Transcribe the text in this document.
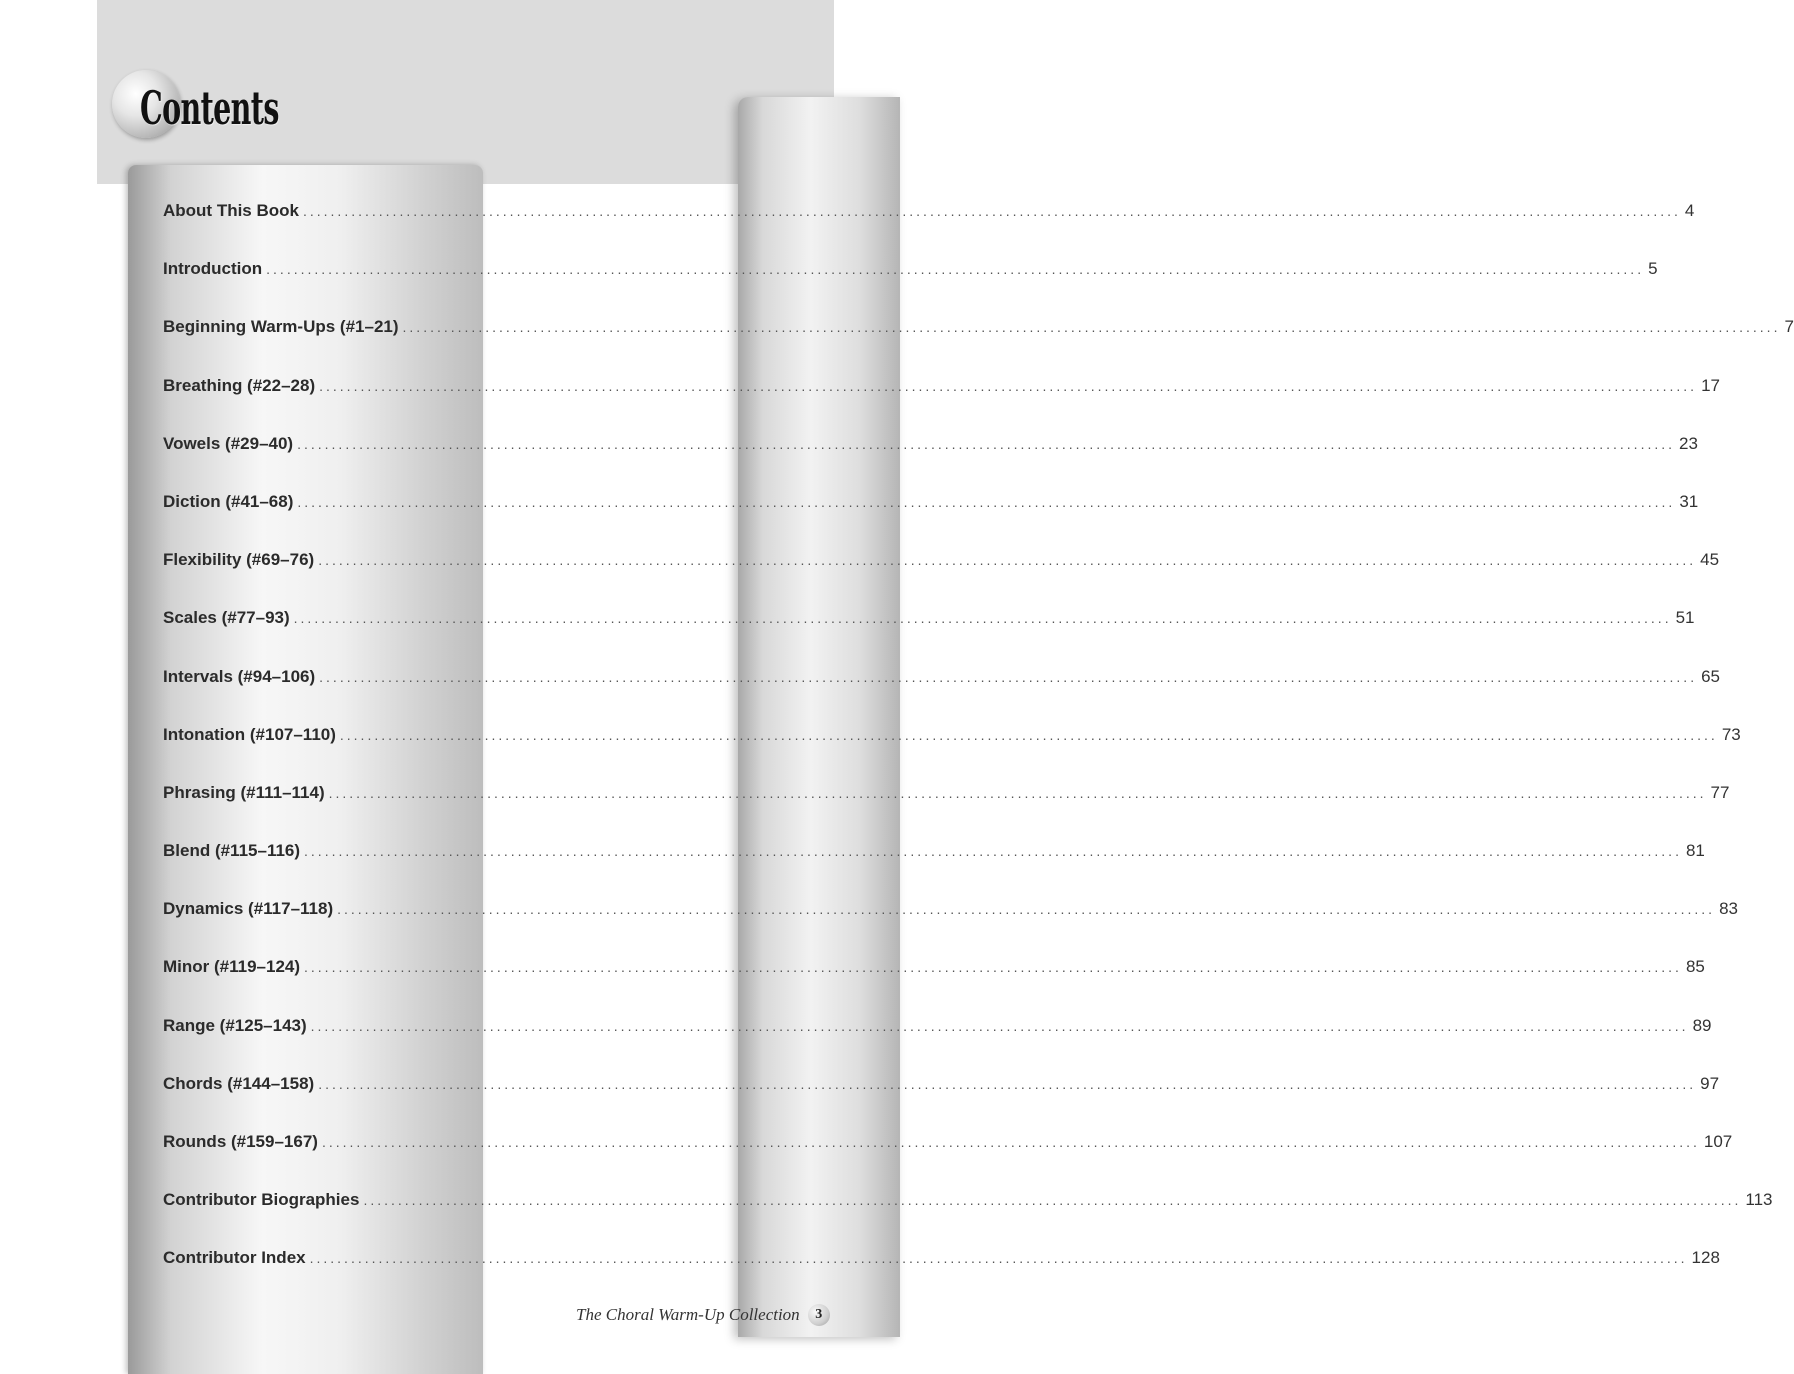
Contents
About This Book ........................................................................................................................................................................................................ 4
Introduction ........................................................................................................................................................................................................ 5
Beginning Warm-Ups (#1–21) ........................................................................................................................................................................................................ 7
Breathing (#22–28) ........................................................................................................................................................................................................ 17
Vowels (#29–40) ........................................................................................................................................................................................................ 23
Diction (#41–68) ........................................................................................................................................................................................................ 31
Flexibility (#69–76) ........................................................................................................................................................................................................ 45
Scales (#77–93) ........................................................................................................................................................................................................ 51
Intervals (#94–106) ........................................................................................................................................................................................................ 65
Intonation (#107–110) ........................................................................................................................................................................................................ 73
Phrasing (#111–114) ........................................................................................................................................................................................................ 77
Blend (#115–116) ........................................................................................................................................................................................................ 81
Dynamics (#117–118) ........................................................................................................................................................................................................ 83
Minor (#119–124) ........................................................................................................................................................................................................ 85
Range (#125–143) ........................................................................................................................................................................................................ 89
Chords (#144–158) ........................................................................................................................................................................................................ 97
Rounds (#159–167) ........................................................................................................................................................................................................ 107
Contributor Biographies ........................................................................................................................................................................................................ 113
Contributor Index ........................................................................................................................................................................................................ 128
The Choral Warm-Up Collection	3
